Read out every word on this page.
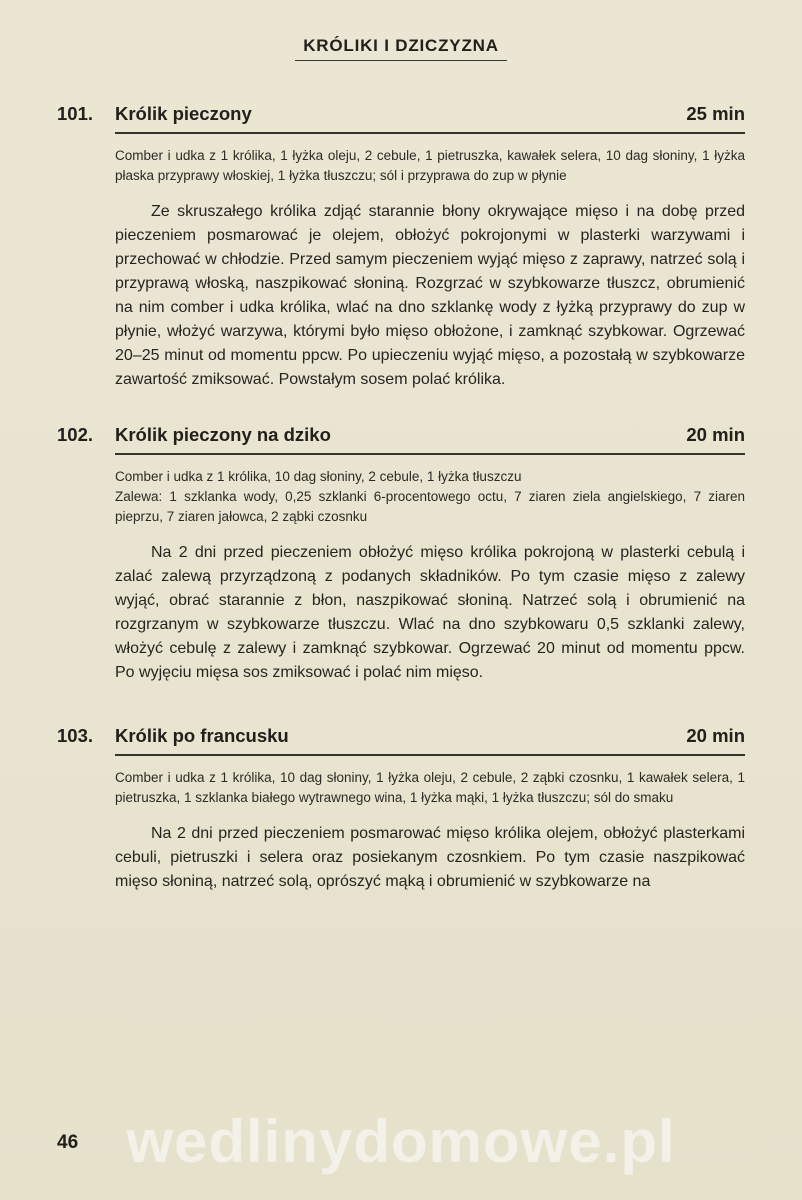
KRÓLIKI I DZICZYZNA
101.	Królik pieczony	25 min

Comber i udka z 1 królika, 1 łyżka oleju, 2 cebule, 1 pietruszka, kawałek selera, 10 dag słoniny, 1 łyżka płaska przyprawy włoskiej, 1 łyżka tłuszczu; sól i przyprawa do zup w płynie

Ze skruszałego królika zdjąć starannie błony okrywające mięso i na dobę przed pieczeniem posmarować je olejem, obłożyć pokrojonymi w plasterki warzywami i przechować w chłodzie. Przed samym pieczeniem wyjąć mięso z zaprawy, natrzeć solą i przyprawą włoską, naszpikować słoniną. Rozgrzać w szybkowarze tłuszcz, obrumienić na nim comber i udka królika, wlać na dno szklankę wody z łyżką przyprawy do zup w płynie, włożyć warzywa, którymi było mięso obłożone, i zamknąć szybkowar. Ogrzewać 20–25 minut od momentu ppcw. Po upieczeniu wyjąć mięso, a pozostałą w szybkowarze zawartość zmiksować. Powstałym sosem polać królika.

102.	Królik pieczony na dziko	20 min

Comber i udka z 1 królika, 10 dag słoniny, 2 cebule, 1 łyżka tłuszczu

Zalewa: 1 szklanka wody, 0,25 szklanki 6-procentowego octu, 7 ziaren ziela angielskiego, 7 ziaren pieprzu, 7 ziaren jałowca, 2 ząbki czosnku

Na 2 dni przed pieczeniem obłożyć mięso królika pokrojoną w plasterki cebulą i zalać zalewą przyrządzoną z podanych składników. Po tym czasie mięso z zalewy wyjąć, obrać starannie z błon, naszpikować słoniną. Natrzeć solą i obrumienić na rozgrzanym w szybkowarze tłuszczu. Wlać na dno szybkowaru 0,5 szklanki zalewy, włożyć cebulę z zalewy i zamknąć szybkowar. Ogrzewać 20 minut od momentu ppcw. Po wyjęciu mięsa sos zmiksować i polać nim mięso.

103.	Królik po francusku	20 min

Comber i udka z 1 królika, 10 dag słoniny, 1 łyżka oleju, 2 cebule, 2 ząbki czosnku, 1 kawałek selera, 1 pietruszka, 1 szklanka białego wytrawnego wina, 1 łyżka mąki, 1 łyżka tłuszczu; sól do smaku

Na 2 dni przed pieczeniem posmarować mięso królika olejem, obłożyć plasterkami cebuli, pietruszki i selera oraz posiekanym czosnkiem. Po tym czasie naszpikować mięso słoniną, natrzeć solą, oprószyć mąką i obrumienić w szybkowarze na

46 wedlinydomowe.pl
